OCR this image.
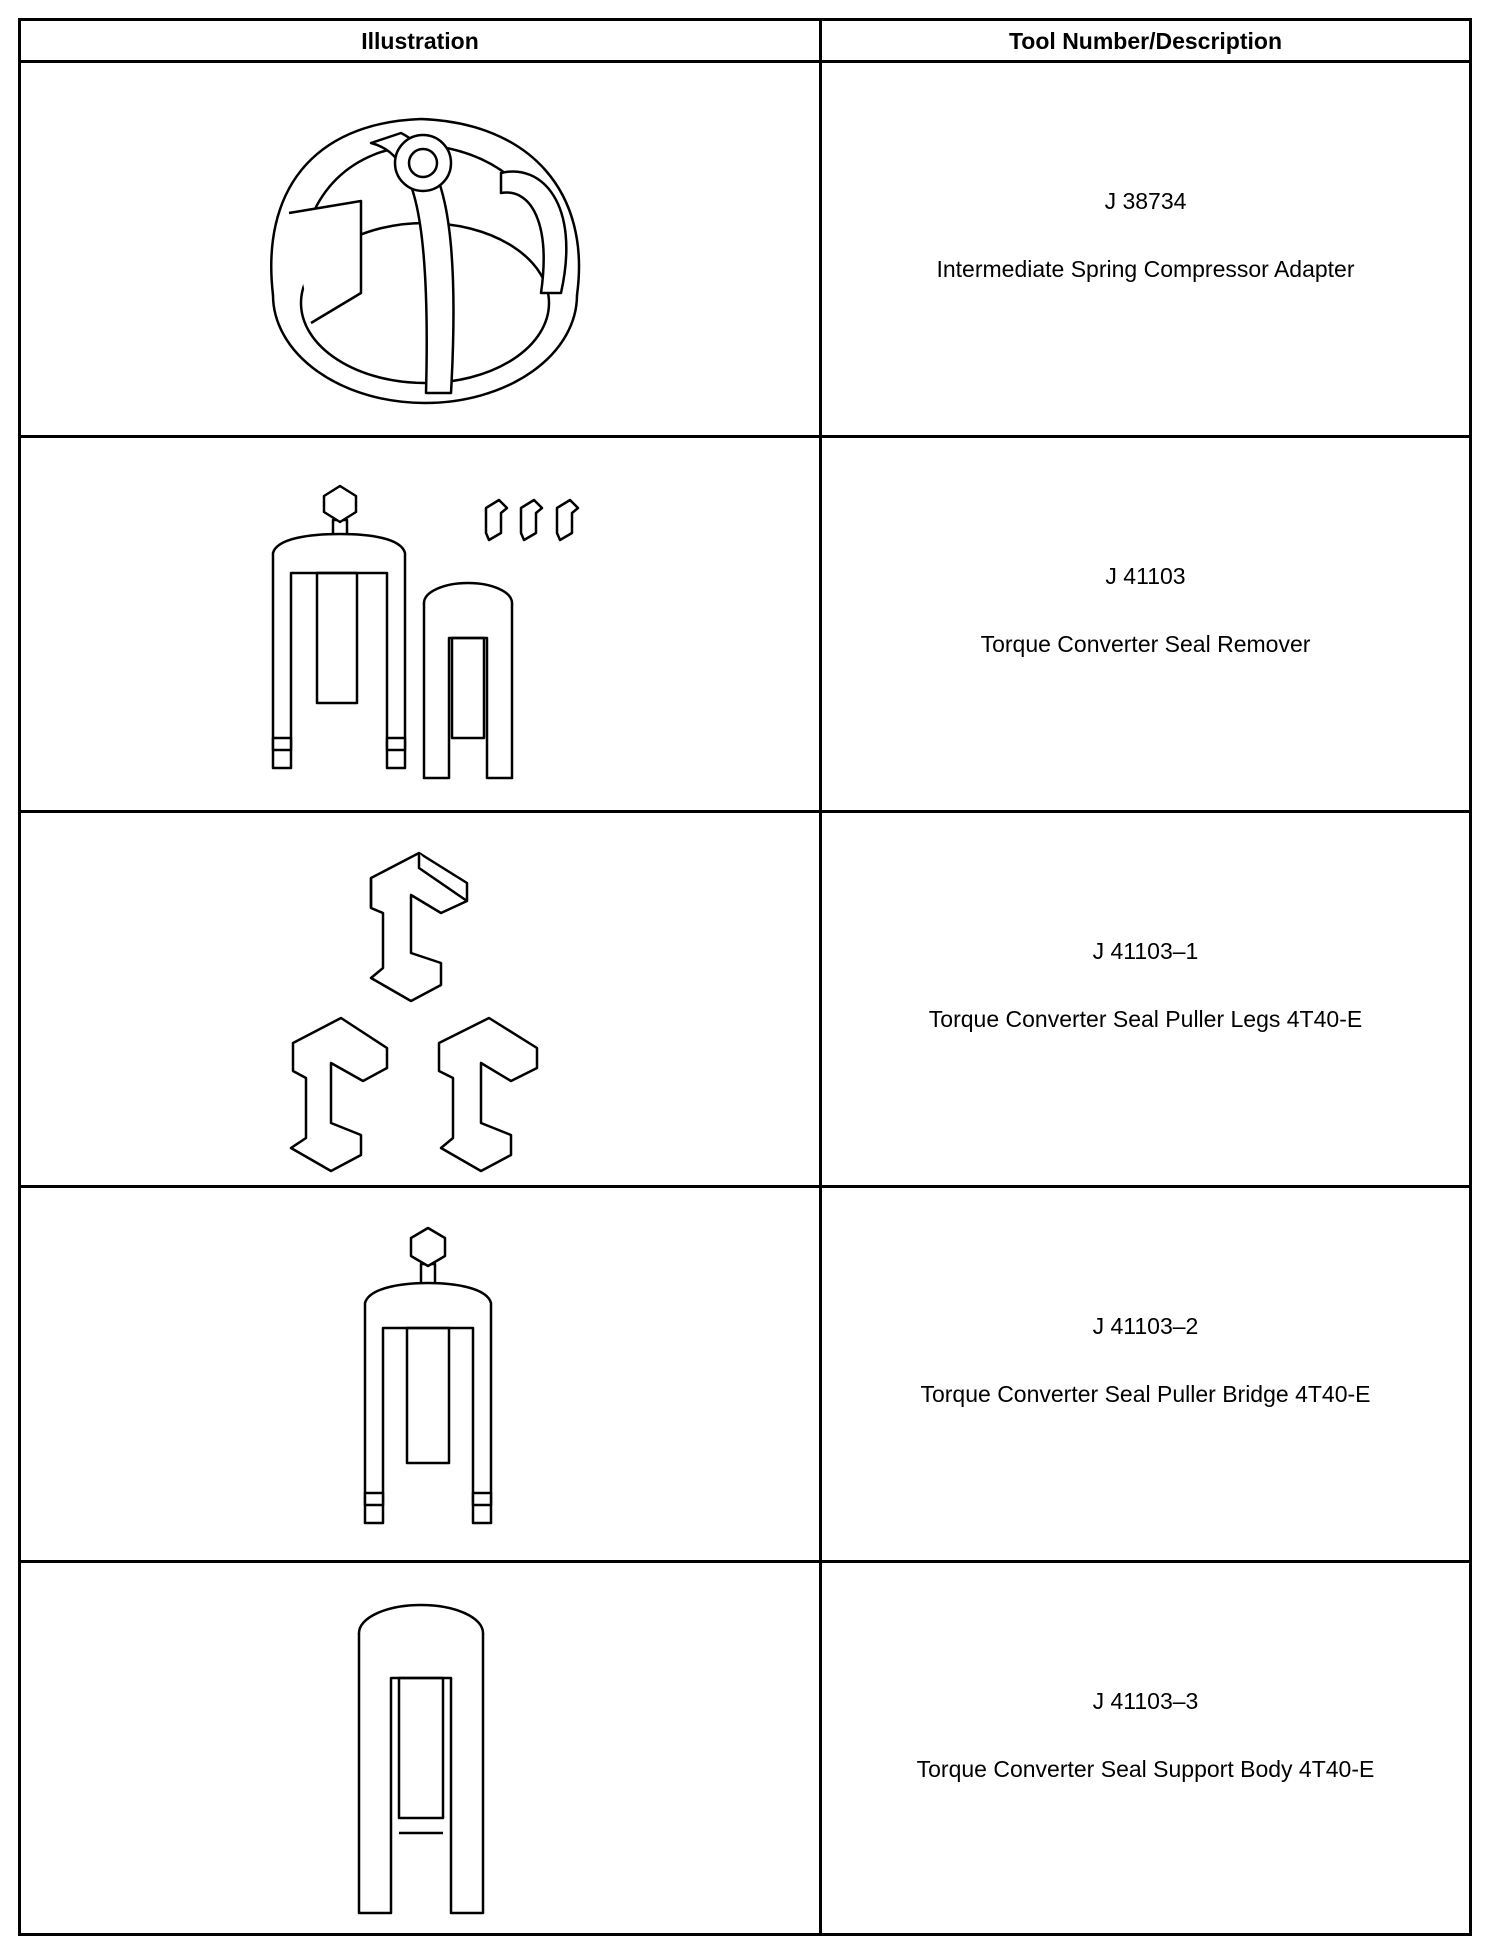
Illustration	Tool Number/Description
J 38734
Intermediate Spring Compressor Adapter
J 41103
Torque Converter Seal Remover
J 41103–1
Torque Converter Seal Puller Legs 4T40-E
J 41103–2
Torque Converter Seal Puller Bridge 4T40-E
J 41103–3
Torque Converter Seal Support Body 4T40-E
